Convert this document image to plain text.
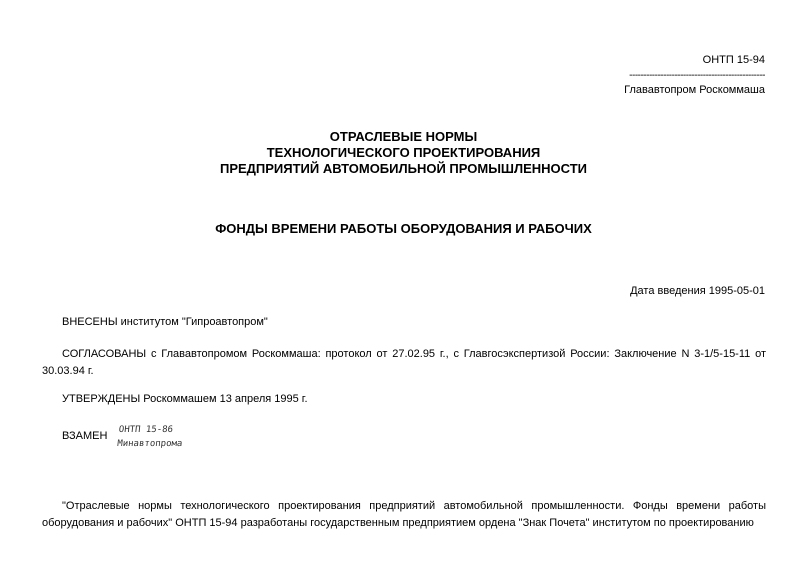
ОНТП 15-94
------------------------------------------------
Глававтопром Роскоммаша
ОТРАСЛЕВЫЕ НОРМЫ
ТЕХНОЛОГИЧЕСКОГО ПРОЕКТИРОВАНИЯ
ПРЕДПРИЯТИЙ АВТОМОБИЛЬНОЙ ПРОМЫШЛЕННОСТИ
ФОНДЫ ВРЕМЕНИ РАБОТЫ ОБОРУДОВАНИЯ И РАБОЧИХ
Дата введения 1995-05-01
ВНЕСЕНЫ институтом "Гипроавтопром"
СОГЛАСОВАНЫ с Глававтопромом Роскоммаша: протокол от 27.02.95 г., с Главгосэкспертизой России: Заключение N 3-1/5-15-11 от 30.03.94 г.
УТВЕРЖДЕНЫ Роскоммашем 13 апреля 1995 г.
ВЗАМЕН	ОНТП 15-86
Минавтопрома
"Отраслевые нормы технологического проектирования предприятий автомобильной промышленности. Фонды времени работы оборудования и рабочих" ОНТП 15-94 разработаны государственным предприятием ордена "Знак Почета" институтом по проектированию
